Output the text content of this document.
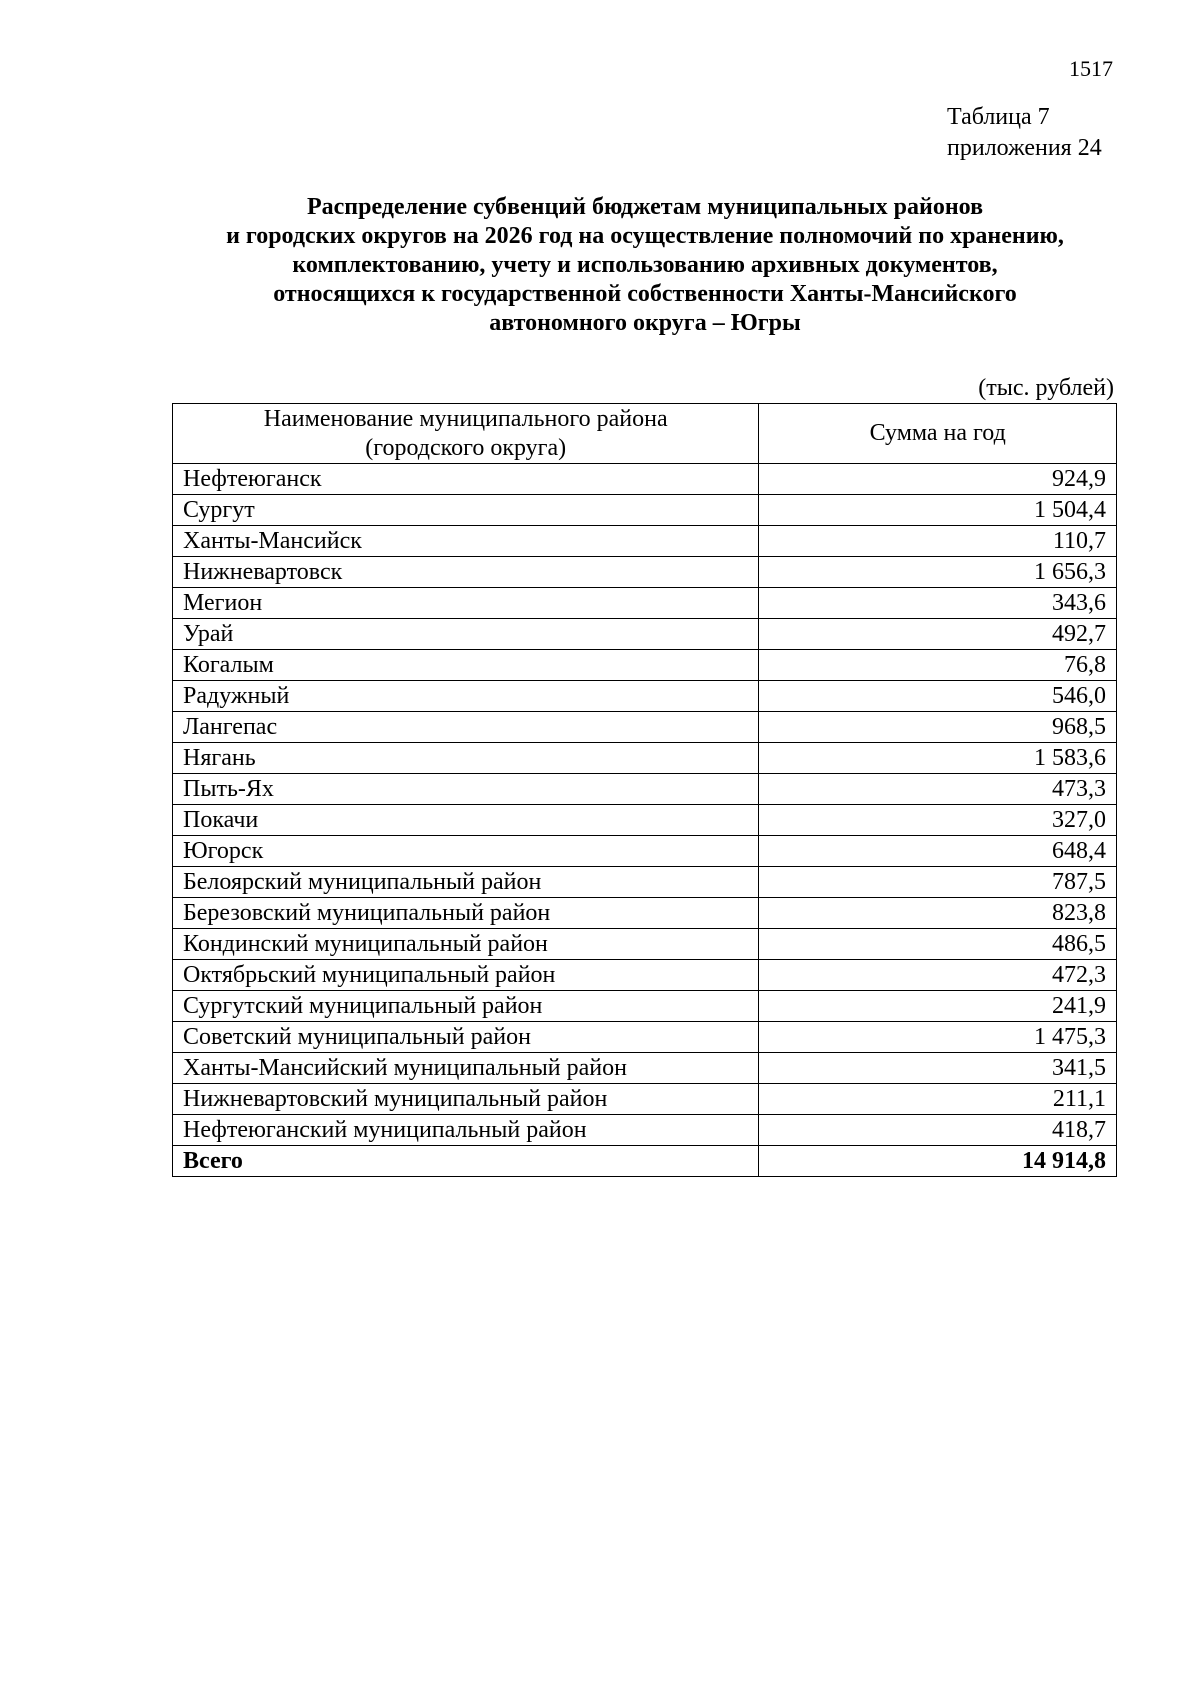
1517
Таблица 7
приложения 24
Распределение субвенций бюджетам муниципальных районов
и городских округов на 2026 год на осуществление полномочий по хранению,
комплектованию, учету и использованию архивных документов,
относящихся к государственной собственности Ханты-Мансийского
автономного округа – Югры
(тыс. рублей)
Наименование муниципального района
(городского округа)	Сумма на год
Нефтеюганск	924,9
Сургут	1 504,4
Ханты-Мансийск	110,7
Нижневартовск	1 656,3
Мегион	343,6
Урай	492,7
Когалым	76,8
Радужный	546,0
Лангепас	968,5
Нягань	1 583,6
Пыть-Ях	473,3
Покачи	327,0
Югорск	648,4
Белоярский муниципальный район	787,5
Березовский муниципальный район	823,8
Кондинский муниципальный район	486,5
Октябрьский муниципальный район	472,3
Сургутский муниципальный район	241,9
Советский муниципальный район	1 475,3
Ханты-Мансийский муниципальный район	341,5
Нижневартовский муниципальный район	211,1
Нефтеюганский муниципальный район	418,7
Всего	14 914,8
